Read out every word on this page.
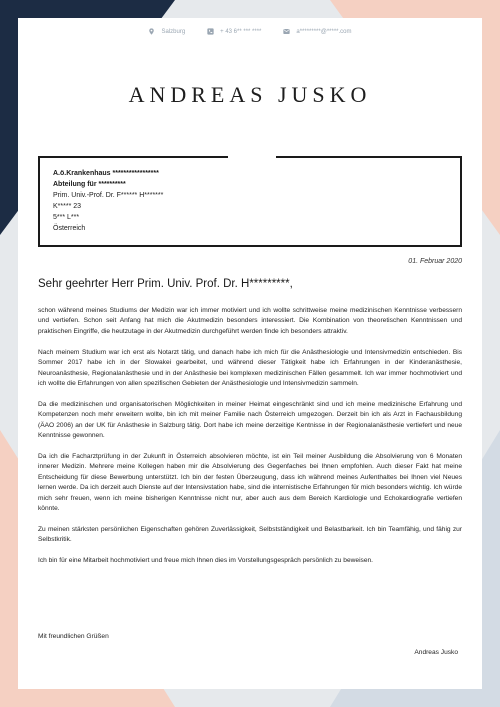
Salzburg	+ 43 6** *** ****	a*********@*****.com
ANDREAS JUSKO
A.ö.Krankenhaus *****************
Abteilung für **********
Prim. Univ.-Prof. Dr. F****** H*******
K***** 23
5*** L***
Österreich
01. Februar 2020
Sehr geehrter Herr Prim. Univ. Prof. Dr. H*********,

schon während meines Studiums der Medizin war ich immer motiviert und ich wollte schrittweise meine medizinischen Kenntnisse verbessern und vertiefen. Schon seit Anfang hat mich die Akutmedizin besonders interessiert. Die Kombination von theoretischen Kenntnissen und praktischen Eingriffe, die heutzutage in der Akutmedizin durchgeführt werden finde ich besonders attraktiv.

Nach meinem Studium war ich erst als Notarzt tätig, und danach habe ich mich für die Anästhesiologie und Intensivmedizin entschieden. Bis Sommer 2017 habe ich in der Slowakei gearbeitet, und während dieser Tätigkeit habe ich Erfahrungen in der Kinderanästhesie, Neuroanästhesie, Regionalanästhesie und in der Anästhesie bei komplexen medizinischen Fällen gesammelt. Ich war immer hochmotiviert und ich wollte die Erfahrungen von allen spezifischen Gebieten der Anästhesiologie und Intensivmedizin sammeln.

Da die medizinischen und organisatorischen Möglichkeiten in meiner Heimat eingeschränkt sind und ich meine medizinische Erfahrung und Kompetenzen noch mehr erweitern wollte, bin ich mit meiner Familie nach Österreich umgezogen. Derzeit bin ich als Arzt in Fachausbildung (ÄAO 2006) an der UK für Anästhesie in Salzburg tätig. Dort habe ich meine derzeitige Kentnisse in der Regionalanästhesie vertiefert und neue Kenntnisse gewonnen.

Da ich die Facharztprüfung in der Zukunft in Österreich absolvieren möchte, ist ein Teil meiner Ausbildung die Absolvierung von 6 Monaten innerer Medizin. Mehrere meine Kollegen haben mir die Absolvierung des Gegenfaches bei Ihnen empfohlen. Auch dieser Fakt hat meine Entscheidung für diese Bewerbung unterstützt. Ich bin der festen Überzeugung, dass ich während meines Aufenthaltes bei Ihnen viel Neues lernen werde. Da ich derzeit auch Dienste auf der Intensivstation habe, sind die internistische Erfahrungen für mich besonders wichtig. Ich würde mich sehr freuen, wenn ich meine bisherigen Kenntnisse nicht nur, aber auch aus dem Bereich Kardiologie und Echokardiografie vertiefen könnte.

Zu meinen stärksten persönlichen Eigenschaften gehören Zuverlässigkeit, Selbstständigkeit und Belastbarkeit. Ich bin Teamfähig, und fähig zur Selbstkritik.

Ich bin für eine Mitarbeit hochmotiviert und freue mich Ihnen dies im Vorstellungsgespräch persönlich zu beweisen.

Mit freundlichen Grüßen
Andreas Jusko
